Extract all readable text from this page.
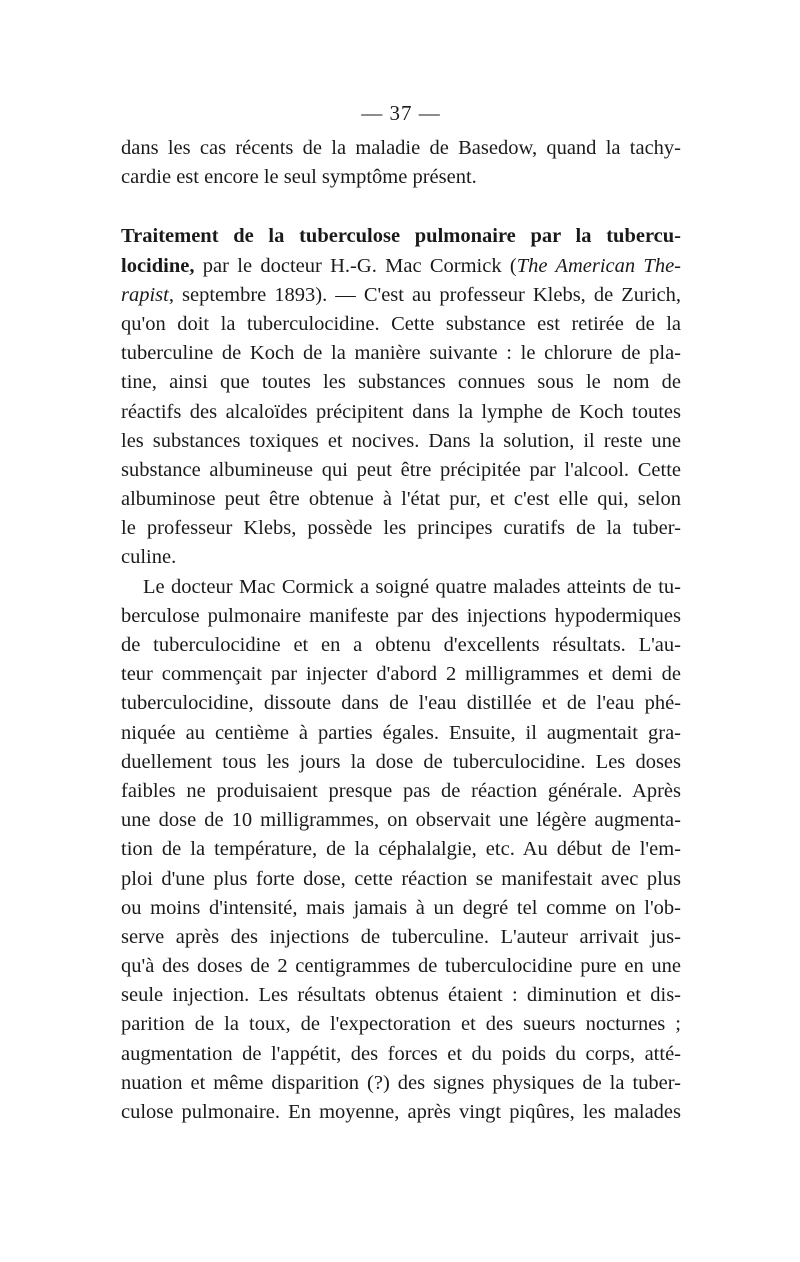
— 37 —
dans les cas récents de la maladie de Basedow, quand la tachy-
cardie est encore le seul symptôme présent.
Traitement de la tuberculose pulmonaire par la tubercu-
locidine, par le docteur H.-G. Mac Cormick (The American The-
rapist, septembre 1893). — C'est au professeur Klebs, de Zurich,
qu'on doit la tuberculocidine. Cette substance est retirée de la
tuberculine de Koch de la manière suivante : le chlorure de pla-
tine, ainsi que toutes les substances connues sous le nom de
réactifs des alcaloïdes précipitent dans la lymphe de Koch toutes
les substances toxiques et nocives. Dans la solution, il reste une
substance albumineuse qui peut être précipitée par l'alcool. Cette
albuminose peut être obtenue à l'état pur, et c'est elle qui, selon
le professeur Klebs, possède les principes curatifs de la tuber-
culine.
Le docteur Mac Cormick a soigné quatre malades atteints de tu-
berculose pulmonaire manifeste par des injections hypodermiques
de tuberculocidine et en a obtenu d'excellents résultats. L'au-
teur commençait par injecter d'abord 2 milligrammes et demi de
tuberculocidine, dissoute dans de l'eau distillée et de l'eau phé-
niquée au centième à parties égales. Ensuite, il augmentait gra-
duellement tous les jours la dose de tuberculocidine. Les doses
faibles ne produisaient presque pas de réaction générale. Après
une dose de 10 milligrammes, on observait une légère augmenta-
tion de la température, de la céphalalgie, etc. Au début de l'em-
ploi d'une plus forte dose, cette réaction se manifestait avec plus
ou moins d'intensité, mais jamais à un degré tel comme on l'ob-
serve après des injections de tuberculine. L'auteur arrivait jus-
qu'à des doses de 2 centigrammes de tuberculocidine pure en une
seule injection. Les résultats obtenus étaient : diminution et dis-
parition de la toux, de l'expectoration et des sueurs nocturnes ;
augmentation de l'appétit, des forces et du poids du corps, atté-
nuation et même disparition (?) des signes physiques de la tuber-
culose pulmonaire. En moyenne, après vingt piqûres, les malades
